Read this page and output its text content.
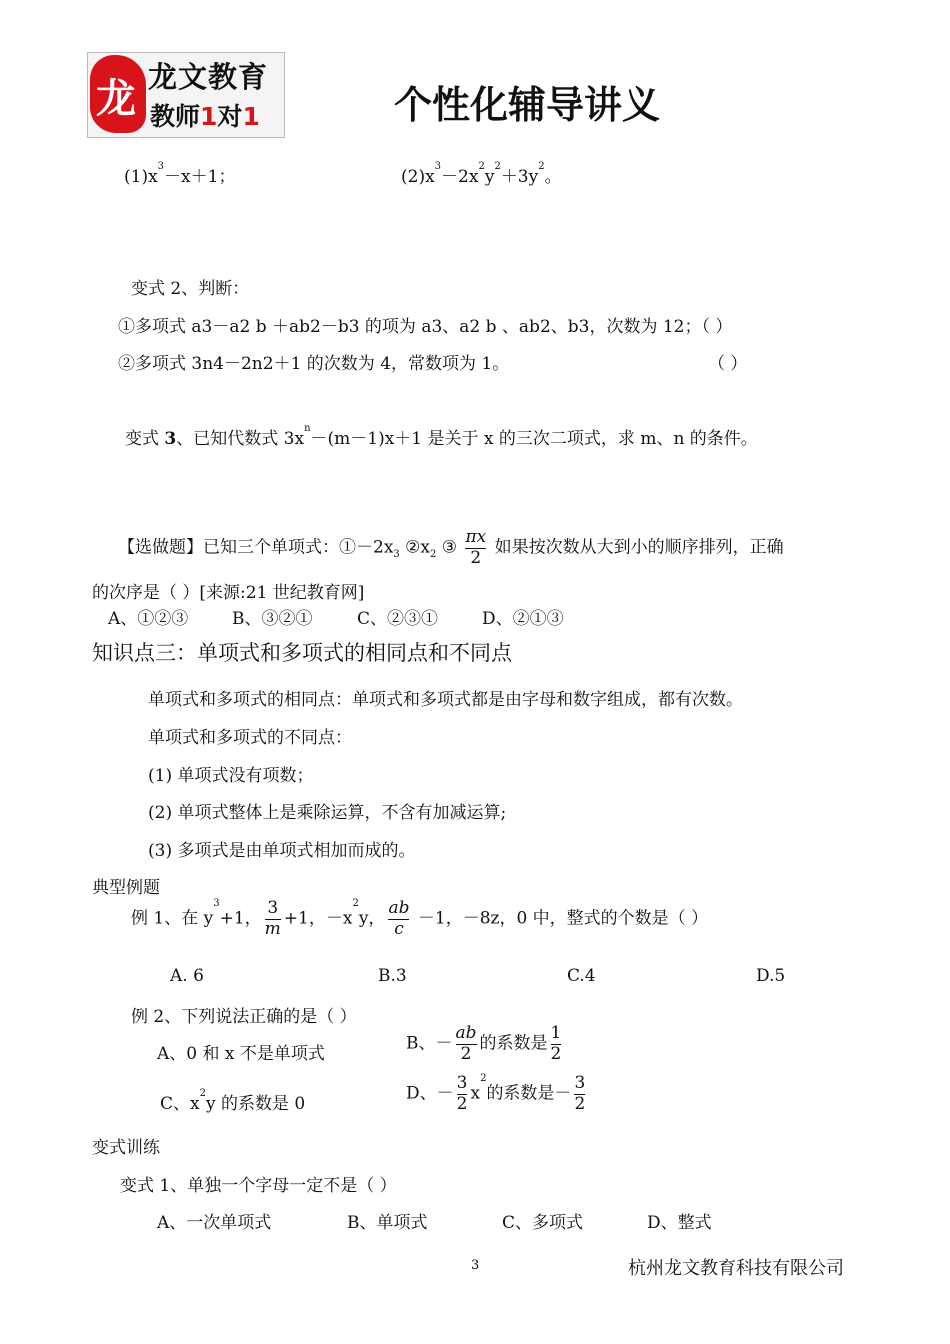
龙 龙文教育
教师1对1	个性化辅导讲义
$(1)x^3-x+1$；	$(2)x^3-2x^2y^2+3y^2$。
变式 2、判断：
①多项式 a3－a2 b ＋ab2－b3 的项为 a3、a2 b 、ab2、b3，次数为 12；（ ）
②多项式 3n4－2n2＋1 的次数为 4，常数项为 1。	（ ）
变式 3、已知代数式 $3x^n-(m-1)x+1$ 是关于 x 的三次二项式，求 m、n 的条件。
【选做题】已知三个单项式：$①-2x_3$ $②x_2$ ③ $\frac{\pi x}{2}$ 如果按次数从大到小的顺序排列，正确
的次序是（ ）[来源:21 世纪教育网]
A、①②③	B、③②①	C、②③①	D、②①③
知识点三：单项式和多项式的相同点和不同点
单项式和多项式的相同点：单项式和多项式都是由字母和数字组成，都有次数。
单项式和多项式的不同点：
(1) 单项式没有项数；
(2) 单项式整体上是乘除运算，不含有加减运算;
(3) 多项式是由单项式相加而成的。
典型例题
例 1、在 $y^3+1$， $\frac{3}{m} +1$，$-x^2y$， $\frac{ab}{c} -1$，－8z，0 中，整式的个数是（ ）
A. 6	B.3	C.4	D.5
例 2、下列说法正确的是（ ）
A、0 和 x 不是单项式
B、－ $\frac{ab}{2}$ 的系数是 $\frac{1}{2}$
C、$x^2y$ 的系数是 0
D、－ $\frac{3}{2} x^2$的系数是－ $\frac{3}{2}$
变式训练
变式 1、单独一个字母一定不是（ ）
A、一次单项式	B、单项式	C、多项式	D、整式
3	杭州龙文教育科技有限公司
